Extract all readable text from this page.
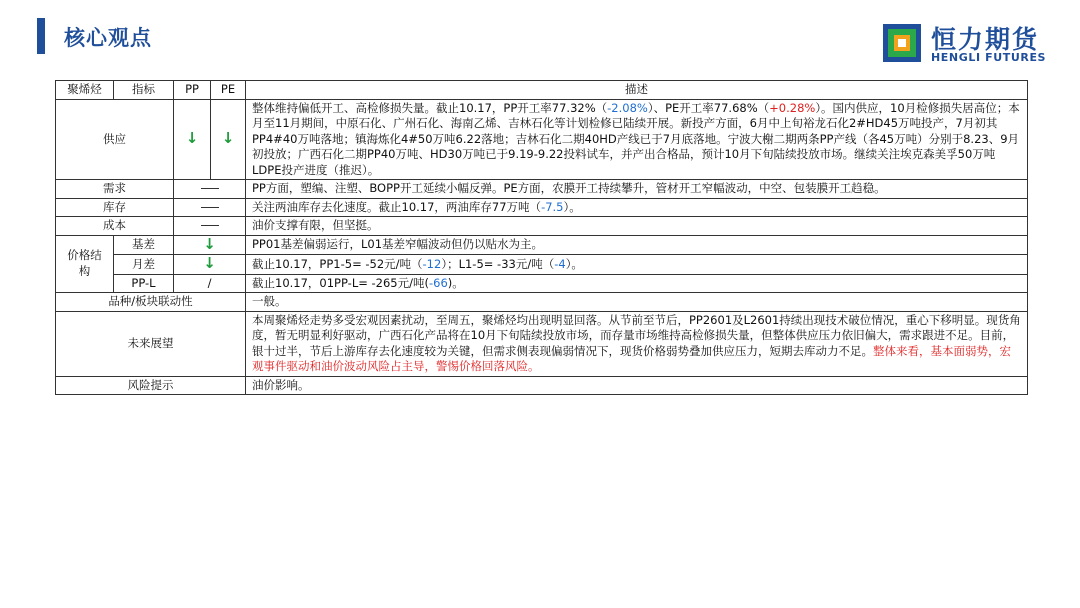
核心观点	恒力期货
HENGLI FUTURES
聚烯烃	指标	PP	PE	描述
供应		↓	↓	整体维持偏低开工、高检修损失量。截止10.17，PP开工率77.32%（-2.08%）、PE开工率77.68%（+0.28%）。国内供应，10月检修损失居高位；本月至11月期间，中原石化、广州石化、海南乙烯、吉林石化等计划检修已陆续开展。新投产方面，6月中上旬裕龙石化2#HD45万吨投产，7月初其PP4#40万吨落地；镇海炼化4#50万吨6.22落地；吉林石化二期40HD产线已于7月底落地。宁波大榭二期两条PP产线（各45万吨）分别于8.23、9月初投放；广西石化二期PP40万吨、HD30万吨已于9.19-9.22投料试车，并产出合格品，预计10月下旬陆续投放市场。继续关注埃克森美孚50万吨LDPE投产进度（推迟）。
需求				PP方面，塑编、注塑、BOPP开工延续小幅反弹。PE方面，农膜开工持续攀升，管材开工窄幅波动，中空、包装膜开工趋稳。
库存				关注两油库存去化速度。截止10.17，两油库存77万吨（-7.5）。
成本				油价支撑有限，但坚挺。
价格结构	基差	↓		PP01基差偏弱运行，L01基差窄幅波动但仍以贴水为主。
	月差	↓		截止10.17，PP1-5= -52元/吨（-12）；L1-5= -33元/吨（-4）。
	PP-L	/		截止10.17，01PP-L= -265元/吨(-66)。
品种/板块联动性				一般。
未来展望				本周聚烯烃走势多受宏观因素扰动，至周五，聚烯烃均出现明显回落。从节前至节后，PP2601及L2601持续出现技术破位情况，重心下移明显。现货角度，暂无明显利好驱动，广西石化产品将在10月下旬陆续投放市场，而存量市场维持高检修损失量，但整体供应压力依旧偏大，需求跟进不足。目前，银十过半，节后上游库存去化速度较为关键，但需求侧表现偏弱情况下，现货价格弱势叠加供应压力，短期去库动力不足。整体来看，基本面弱势，宏观事件驱动和油价波动风险占主导，警惕价格回落风险。
风险提示				油价影响。
